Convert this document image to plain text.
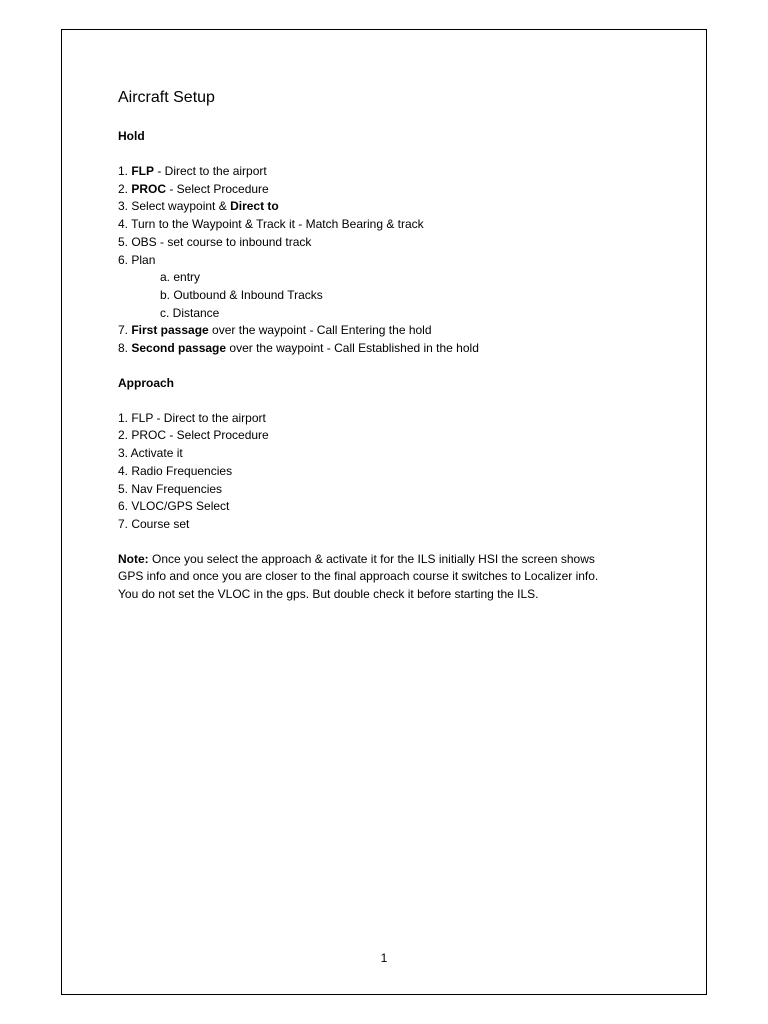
Aircraft Setup
Hold
1. FLP - Direct to the airport
2. PROC - Select Procedure
3. Select waypoint & Direct to
4. Turn to the Waypoint & Track it - Match Bearing & track
5. OBS - set course to inbound track
6. Plan
a. entry
b. Outbound & Inbound Tracks
c. Distance
7. First passage over the waypoint - Call Entering the hold
8. Second passage over the waypoint - Call Established in the hold
Approach
1. FLP - Direct to the airport
2. PROC - Select Procedure
3. Activate it
4. Radio Frequencies
5. Nav Frequencies
6. VLOC/GPS Select
7. Course set
Note: Once you select the approach & activate it for the ILS initially HSI the screen shows
GPS info and once you are closer to the final approach course it switches to Localizer info.
You do not set the VLOC in the gps. But double check it before starting the ILS.
1
